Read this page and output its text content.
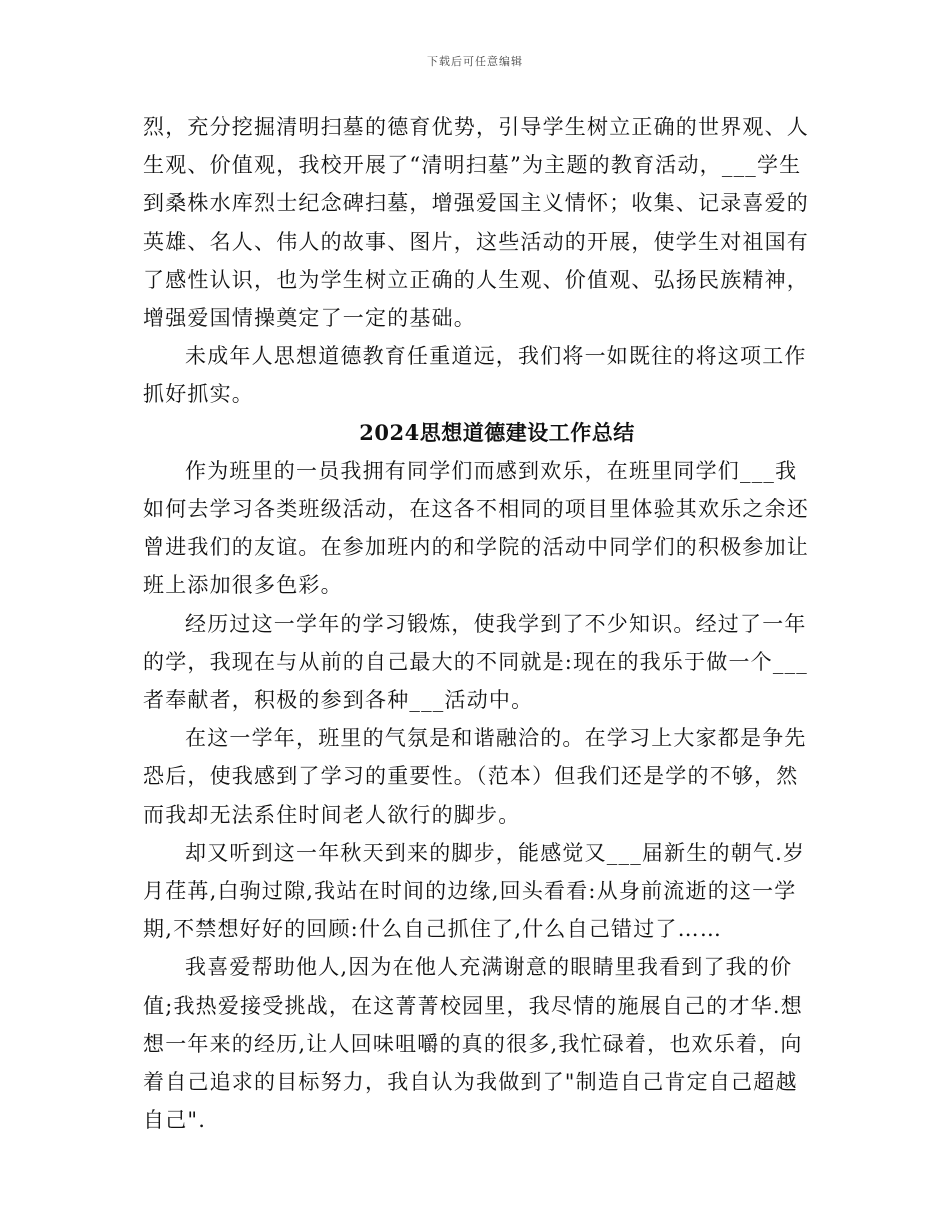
下载后可任意编辑

烈，充分挖掘清明扫墓的德育优势，引导学生树立正确的世界观、人生观、价值观，我校开展了“清明扫墓”为主题的教育活动，___学生到桑株水库烈士纪念碑扫墓，增强爱国主义情怀；收集、记录喜爱的英雄、名人、伟人的故事、图片，这些活动的开展，使学生对祖国有了感性认识，也为学生树立正确的人生观、价值观、弘扬民族精神，增强爱国情操奠定了一定的基础。

未成年人思想道德教育任重道远，我们将一如既往的将这项工作抓好抓实。

2024思想道德建设工作总结

作为班里的一员我拥有同学们而感到欢乐，在班里同学们___我如何去学习各类班级活动，在这各不相同的项目里体验其欢乐之余还曾进我们的友谊。在参加班内的和学院的活动中同学们的积极参加让班上添加很多色彩。

经历过这一学年的学习锻炼，使我学到了不少知识。经过了一年的学，我现在与从前的自己最大的不同就是:现在的我乐于做一个___者奉献者，积极的参到各种___活动中。

在这一学年，班里的气氛是和谐融洽的。在学习上大家都是争先恐后，使我感到了学习的重要性。（范本）但我们还是学的不够，然而我却无法系住时间老人欲行的脚步。

却又听到这一年秋天到来的脚步，能感觉又___届新生的朝气.岁月荏苒,白驹过隙,我站在时间的边缘,回头看看:从身前流逝的这一学期,不禁想好好的回顾:什么自己抓住了,什么自己错过了……

我喜爱帮助他人,因为在他人充满谢意的眼睛里我看到了我的价值;我热爱接受挑战，在这菁菁校园里，我尽情的施展自己的才华.想想一年来的经历,让人回味咀嚼的真的很多,我忙碌着，也欢乐着，向着自己追求的目标努力，我自认为我做到了"制造自己肯定自己超越自己".
